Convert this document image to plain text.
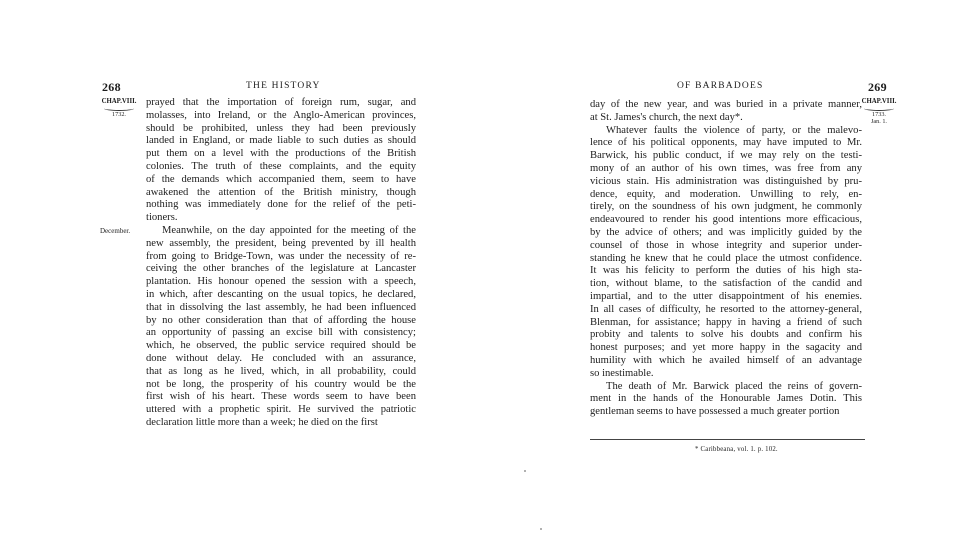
268	THE HISTORY
CHAP.VIII.
1732.
December.
prayed that the importation of foreign rum, sugar, and
molasses, into Ireland, or the Anglo-American provinces,
should be prohibited, unless they had been previously
landed in England, or made liable to such duties as should
put them on a level with the productions of the British
colonies. The truth of these complaints, and the equity
of the demands which accompanied them, seem to have
awakened the attention of the British ministry, though
nothing was immediately done for the relief of the peti-
tioners.
Meanwhile, on the day appointed for the meeting of the
new assembly, the president, being prevented by ill health
from going to Bridge-Town, was under the necessity of re-
ceiving the other branches of the legislature at Lancaster
plantation. His honour opened the session with a speech,
in which, after descanting on the usual topics, he declared,
that in dissolving the last assembly, he had been influenced
by no other consideration than that of affording the house
an opportunity of passing an excise bill with consistency;
which, he observed, the public service required should be
done without delay. He concluded with an assurance,
that as long as he lived, which, in all probability, could
not be long, the prosperity of his country would be the
first wish of his heart. These words seem to have been
uttered with a prophetic spirit. He survived the patriotic
declaration little more than a week; he died on the first
OF BARBADOES	269
CHAP.VIII.
1733.
Jan. 1.
day of the new year, and was buried in a private manner,
at St. James's church, the next day*.
Whatever faults the violence of party, or the malevo-
lence of his political opponents, may have imputed to Mr.
Barwick, his public conduct, if we may rely on the testi-
mony of an author of his own times, was free from any
vicious stain. His administration was distinguished by pru-
dence, equity, and moderation. Unwilling to rely, en-
tirely, on the soundness of his own judgment, he commonly
endeavoured to render his good intentions more efficacious,
by the advice of others; and was implicitly guided by the
counsel of those in whose integrity and superior under-
standing he knew that he could place the utmost confidence.
It was his felicity to perform the duties of his high sta-
tion, without blame, to the satisfaction of the candid and
impartial, and to the utter disappointment of his enemies.
In all cases of difficulty, he resorted to the attorney-general,
Blenman, for assistance; happy in having a friend of such
probity and talents to solve his doubts and confirm his
honest purposes; and yet more happy in the sagacity and
humility with which he availed himself of an advantage
so inestimable.
The death of Mr. Barwick placed the reins of govern-
ment in the hands of the Honourable James Dotin. This
gentleman seems to have possessed a much greater portion
* Caribbeana, vol. 1. p. 102.
